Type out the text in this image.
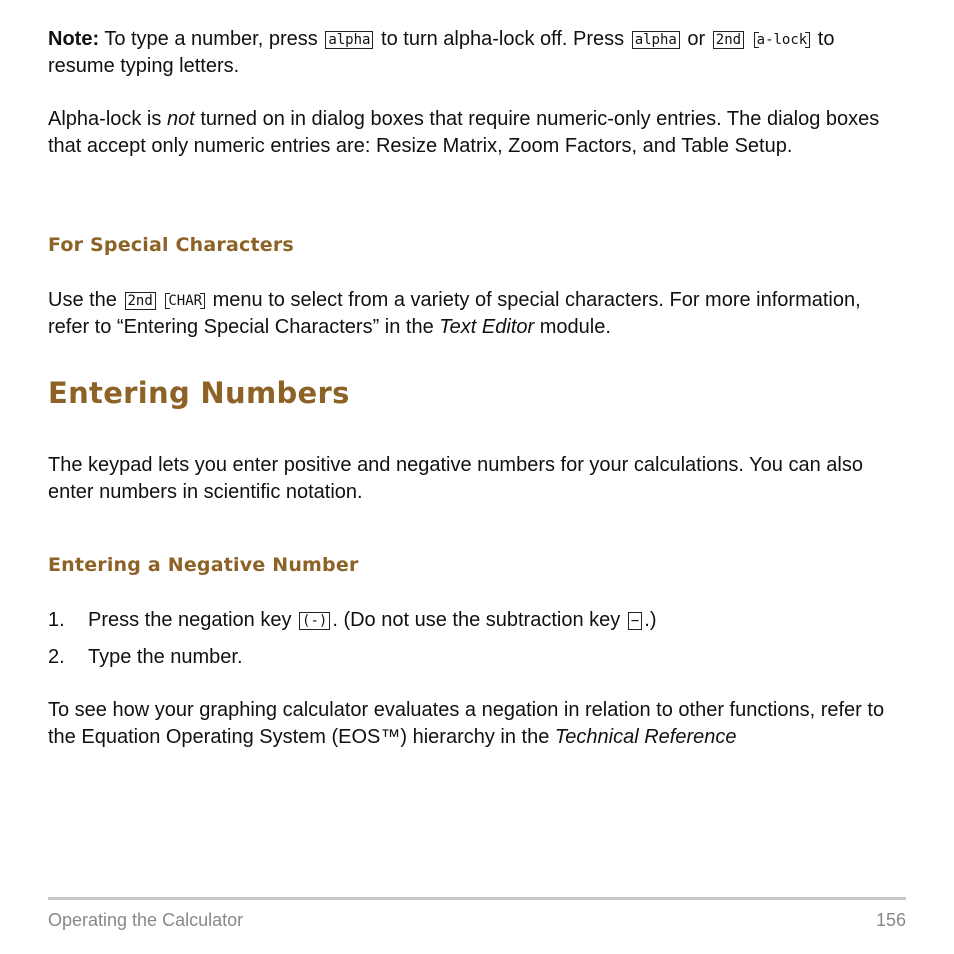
Note: To type a number, press alpha to turn alpha-lock off. Press alpha or 2nd a-lock to resume typing letters.

Alpha-lock is not turned on in dialog boxes that require numeric-only entries. The dialog boxes that accept only numeric entries are: Resize Matrix, Zoom Factors, and Table Setup.

For Special Characters

Use the 2nd CHAR menu to select from a variety of special characters. For more information, refer to “Entering Special Characters” in the Text Editor module.

Entering Numbers

The keypad lets you enter positive and negative numbers for your calculations. You can also enter numbers in scientific notation.

Entering a Negative Number
1. Press the negation key (-) . (Do not use the subtraction key − .)
2. Type the number.

To see how your graphing calculator evaluates a negation in relation to other functions, refer to the Equation Operating System (EOS™) hierarchy in the Technical Reference

Operating the Calculator	156
